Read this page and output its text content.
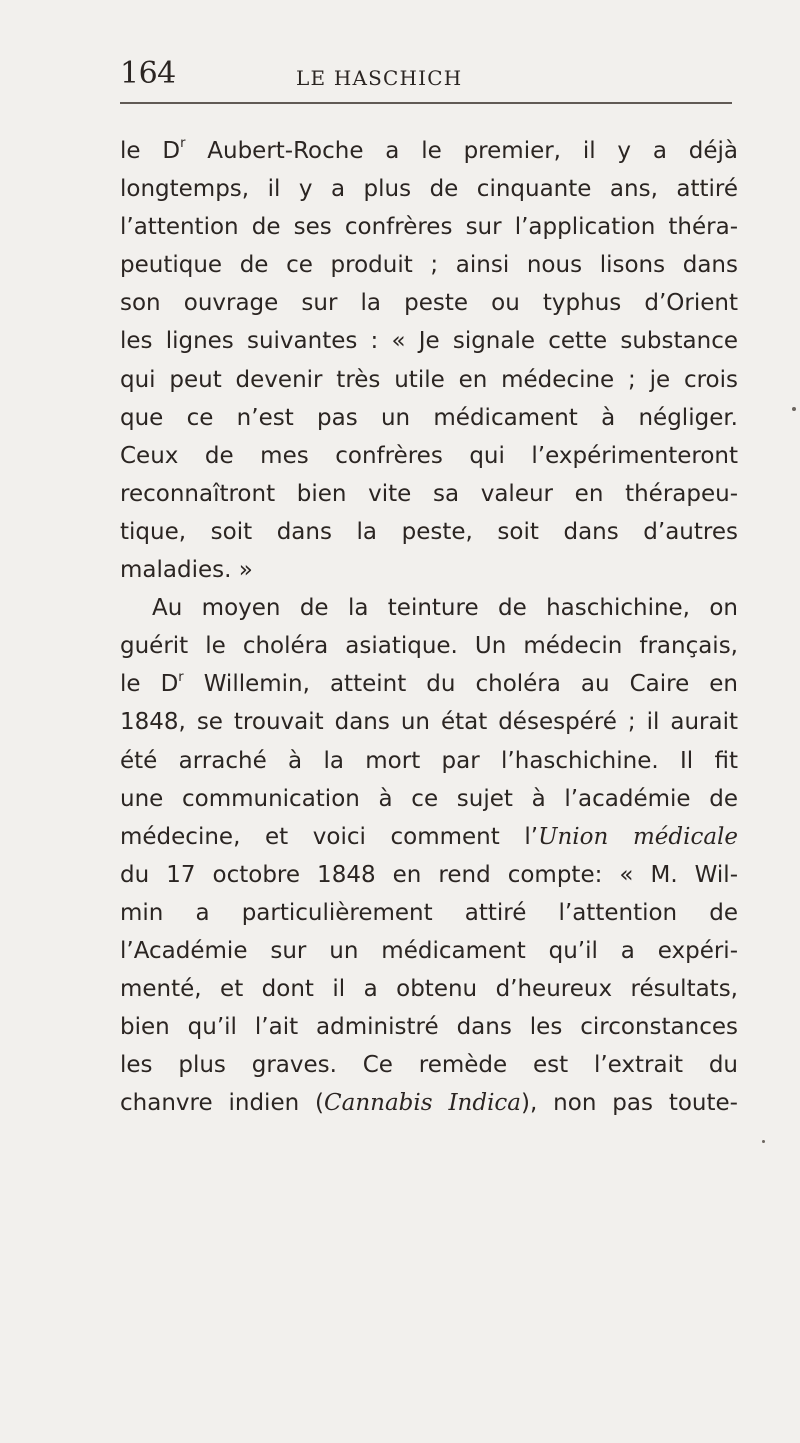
164	LE HASCHICH
le $D^r$ Aubert-Roche a le premier, il y a déjà
longtemps, il y a plus de cinquante ans, attiré
l’attention de ses confrères sur l’application théra-
peutique de ce produit ; ainsi nous lisons dans
son ouvrage sur la peste ou typhus d’Orient
les lignes suivantes : « Je signale cette substance
qui peut devenir très utile en médecine ; je crois
que ce n’est pas un médicament à négliger.
Ceux de mes confrères qui l’expérimenteront
reconnaîtront bien vite sa valeur en thérapeu-
tique, soit dans la peste, soit dans d’autres
maladies. »
Au moyen de la teinture de haschichine, on
guérit le choléra asiatique. Un médecin français,
le $D^r$ Willemin, atteint du choléra au Caire en
1848, se trouvait dans un état désespéré ; il aurait
été arraché à la mort par l’haschichine. Il fit
une communication à ce sujet à l’académie de
médecine, et voici comment l’Union médicale
du 17 octobre 1848 en rend compte: « M. Wil-
min a particulièrement attiré l’attention de
l’Académie sur un médicament qu’il a expéri-
menté, et dont il a obtenu d’heureux résultats,
bien qu’il l’ait administré dans les circonstances
les plus graves. Ce remède est l’extrait du
chanvre indien (Cannabis Indica), non pas toute-
